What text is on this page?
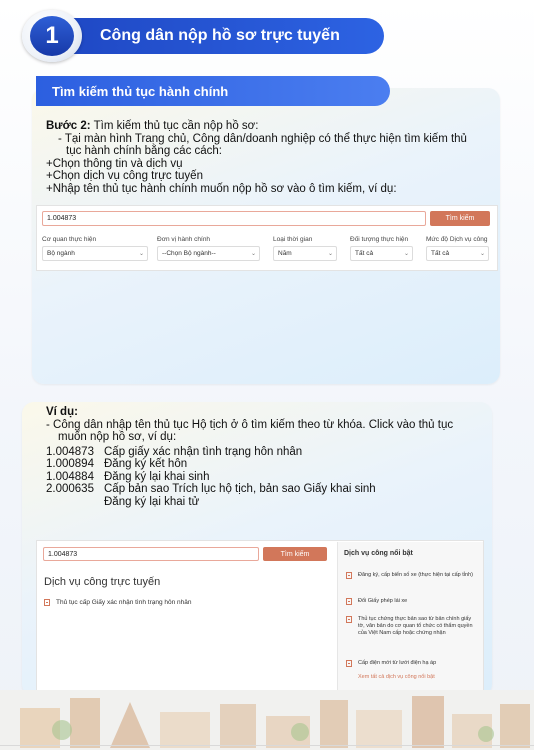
1	Công dân nộp hồ sơ trực tuyến
Tìm kiếm thủ tục hành chính
Bước 2: Tìm kiếm thủ tục cần nộp hồ sơ:
- Tại màn hình Trang chủ, Công dân/doanh nghiệp có thể thực hiện tìm kiếm thủ
tục hành chính bằng các cách:
+Chọn thông tin và dịch vụ
+Chọn dịch vụ công trực tuyến
+Nhập tên thủ tục hành chính muốn nộp hồ sơ vào ô tìm kiếm, ví dụ:
1.004873	Tìm kiếm
Cơ quan thực hiện	Đơn vị hành chính	Loại thời gian	Đối tượng thực hiện	Mức độ Dịch vụ công
Bộ ngành	⌄	--Chọn Bộ ngành--	⌄	Năm	⌄	Tất cả	⌄	Tất cả	⌄
Ví dụ:
- Công dân nhập tên thủ tục Hộ tịch ở ô tìm kiếm theo từ khóa. Click vào thủ tục
muốn nộp hồ sơ, ví dụ:
1.004873 Cấp giấy xác nhận tình trạng hôn nhân
1.000894 Đăng ký kết hôn
1.004884 Đăng ký lại khai sinh
2.000635 Cấp bản sao Trích lục hộ tịch, bản sao Giấy khai sinh
Đăng ký lại khai tử
1.004873	Tìm kiếm
Dịch vụ công trực tuyến
Thủ tục cấp Giấy xác nhận tình trạng hôn nhân
Dịch vụ công nổi bật
Đăng ký, cấp biển số xe (thực hiện tại cấp tỉnh)
Đổi Giấy phép lái xe
Thủ tục chứng thực bản sao từ bản chính giấy tờ, văn bản do cơ quan tổ chức có thẩm quyền của Việt Nam cấp hoặc chứng nhận
Cấp điện mới từ lưới điện hạ áp
Xem tất cả dịch vụ công nổi bật
